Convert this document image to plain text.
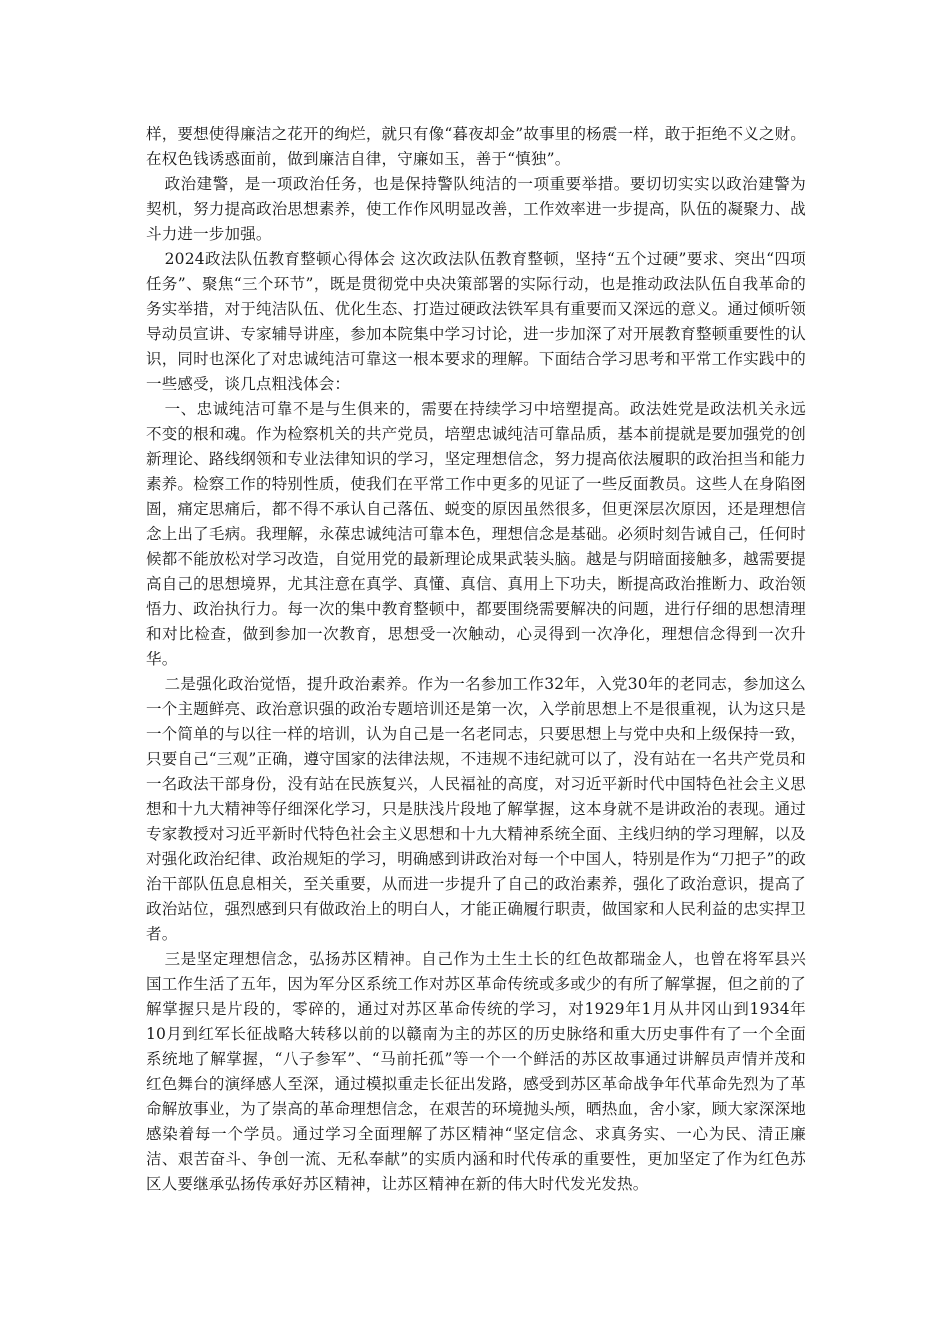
样，要想使得廉洁之花开的绚烂，就只有像“暮夜却金”故事里的杨震一样，敢于拒绝不义之财。在权色钱诱惑面前，做到廉洁自律，守廉如玉，善于“慎独”。

政治建警，是一项政治任务，也是保持警队纯洁的一项重要举措。要切切实实以政治建警为契机，努力提高政治思想素养，使工作作风明显改善，工作效率进一步提高，队伍的凝聚力、战斗力进一步加强。

2024政法队伍教育整顿心得体会 这次政法队伍教育整顿，坚持“五个过硬”要求、突出“四项任务”、聚焦“三个环节”，既是贯彻党中央决策部署的实际行动，也是推动政法队伍自我革命的务实举措，对于纯洁队伍、优化生态、打造过硬政法铁军具有重要而又深远的意义。通过倾听领导动员宣讲、专家辅导讲座，参加本院集中学习讨论，进一步加深了对开展教育整顿重要性的认识，同时也深化了对忠诚纯洁可靠这一根本要求的理解。下面结合学习思考和平常工作实践中的一些感受，谈几点粗浅体会：

一、忠诚纯洁可靠不是与生俱来的，需要在持续学习中培塑提高。政法姓党是政法机关永远不变的根和魂。作为检察机关的共产党员，培塑忠诚纯洁可靠品质，基本前提就是要加强党的创新理论、路线纲领和专业法律知识的学习，坚定理想信念，努力提高依法履职的政治担当和能力素养。检察工作的特别性质，使我们在平常工作中更多的见证了一些反面教员。这些人在身陷囹圄，痛定思痛后，都不得不承认自己落伍、蜕变的原因虽然很多，但更深层次原因，还是理想信念上出了毛病。我理解，永葆忠诚纯洁可靠本色，理想信念是基础。必须时刻告诫自己，任何时候都不能放松对学习改造，自觉用党的最新理论成果武装头脑。越是与阴暗面接触多，越需要提高自己的思想境界，尤其注意在真学、真懂、真信、真用上下功夫，断提高政治推断力、政治领悟力、政治执行力。每一次的集中教育整顿中，都要围绕需要解决的问题，进行仔细的思想清理和对比检查，做到参加一次教育，思想受一次触动，心灵得到一次净化，理想信念得到一次升华。

二是强化政治觉悟，提升政治素养。作为一名参加工作32年，入党30年的老同志，参加这么一个主题鲜亮、政治意识强的政治专题培训还是第一次，入学前思想上不是很重视，认为这只是一个简单的与以往一样的培训，认为自己是一名老同志，只要思想上与党中央和上级保持一致，只要自己“三观”正确，遵守国家的法律法规，不违规不违纪就可以了，没有站在一名共产党员和一名政法干部身份，没有站在民族复兴，人民福祉的高度，对习近平新时代中国特色社会主义思想和十九大精神等仔细深化学习，只是肤浅片段地了解掌握，这本身就不是讲政治的表现。通过专家教授对习近平新时代特色社会主义思想和十九大精神系统全面、主线归纳的学习理解，以及对强化政治纪律、政治规矩的学习，明确感到讲政治对每一个中国人，特别是作为“刀把子”的政治干部队伍息息相关，至关重要，从而进一步提升了自己的政治素养，强化了政治意识，提高了政治站位，强烈感到只有做政治上的明白人，才能正确履行职责，做国家和人民利益的忠实捍卫者。

三是坚定理想信念，弘扬苏区精神。自己作为土生土长的红色故都瑞金人，也曾在将军县兴国工作生活了五年，因为军分区系统工作对苏区革命传统或多或少的有所了解掌握，但之前的了解掌握只是片段的，零碎的，通过对苏区革命传统的学习，对1929年1月从井冈山到1934年10月到红军长征战略大转移以前的以赣南为主的苏区的历史脉络和重大历史事件有了一个全面系统地了解掌握，“八子参军”、“马前托孤”等一个一个鲜活的苏区故事通过讲解员声情并茂和红色舞台的演绎感人至深，通过模拟重走长征出发路，感受到苏区革命战争年代革命先烈为了革命解放事业，为了崇高的革命理想信念，在艰苦的环境抛头颅，晒热血，舍小家，顾大家深深地感染着每一个学员。通过学习全面理解了苏区精神“坚定信念、求真务实、一心为民、清正廉洁、艰苦奋斗、争创一流、无私奉献”的实质内涵和时代传承的重要性，更加坚定了作为红色苏区人要继承弘扬传承好苏区精神，让苏区精神在新的伟大时代发光发热。
